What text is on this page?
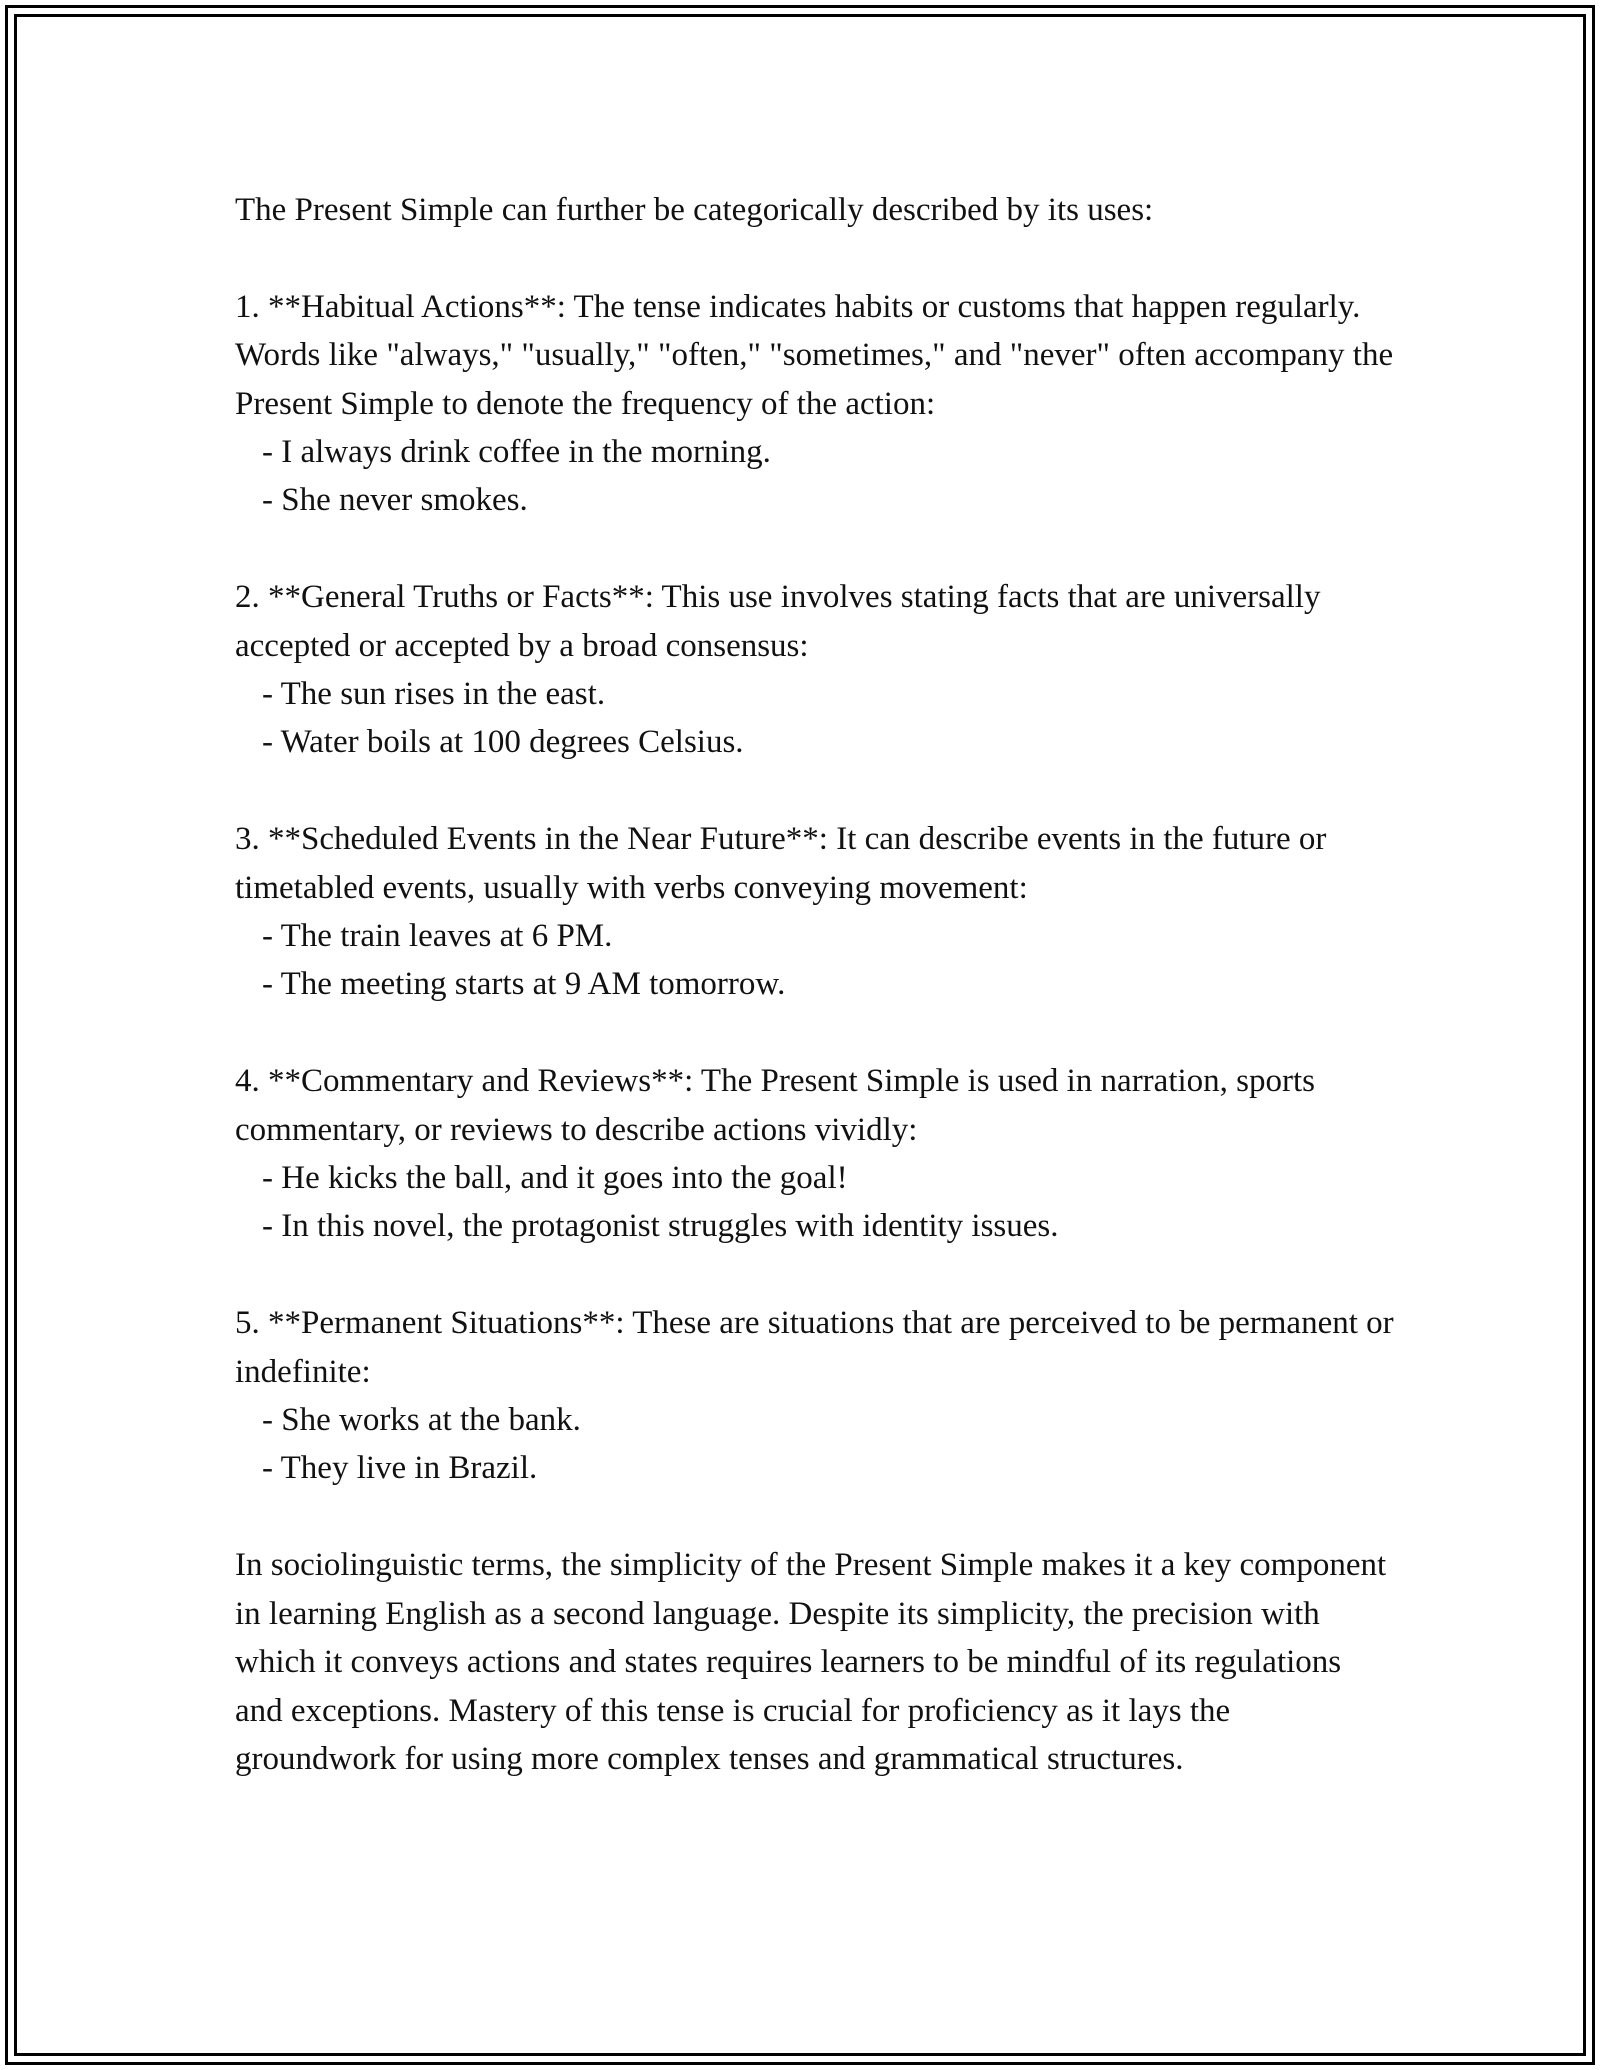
The Present Simple can further be categorically described by its uses:

1. **Habitual Actions**: The tense indicates habits or customs that happen regularly. Words like "always," "usually," "often," "sometimes," and "never" often accompany the Present Simple to denote the frequency of the action:

- I always drink coffee in the morning.

- She never smokes.

2. **General Truths or Facts**: This use involves stating facts that are universally accepted or accepted by a broad consensus:

- The sun rises in the east.

- Water boils at 100 degrees Celsius.

3. **Scheduled Events in the Near Future**: It can describe events in the future or timetabled events, usually with verbs conveying movement:

- The train leaves at 6 PM.

- The meeting starts at 9 AM tomorrow.

4. **Commentary and Reviews**: The Present Simple is used in narration, sports commentary, or reviews to describe actions vividly:

- He kicks the ball, and it goes into the goal!

- In this novel, the protagonist struggles with identity issues.

5. **Permanent Situations**: These are situations that are perceived to be permanent or indefinite:

- She works at the bank.

- They live in Brazil.

In sociolinguistic terms, the simplicity of the Present Simple makes it a key component in learning English as a second language. Despite its simplicity, the precision with which it conveys actions and states requires learners to be mindful of its regulations and exceptions. Mastery of this tense is crucial for proficiency as it lays the groundwork for using more complex tenses and grammatical structures.
